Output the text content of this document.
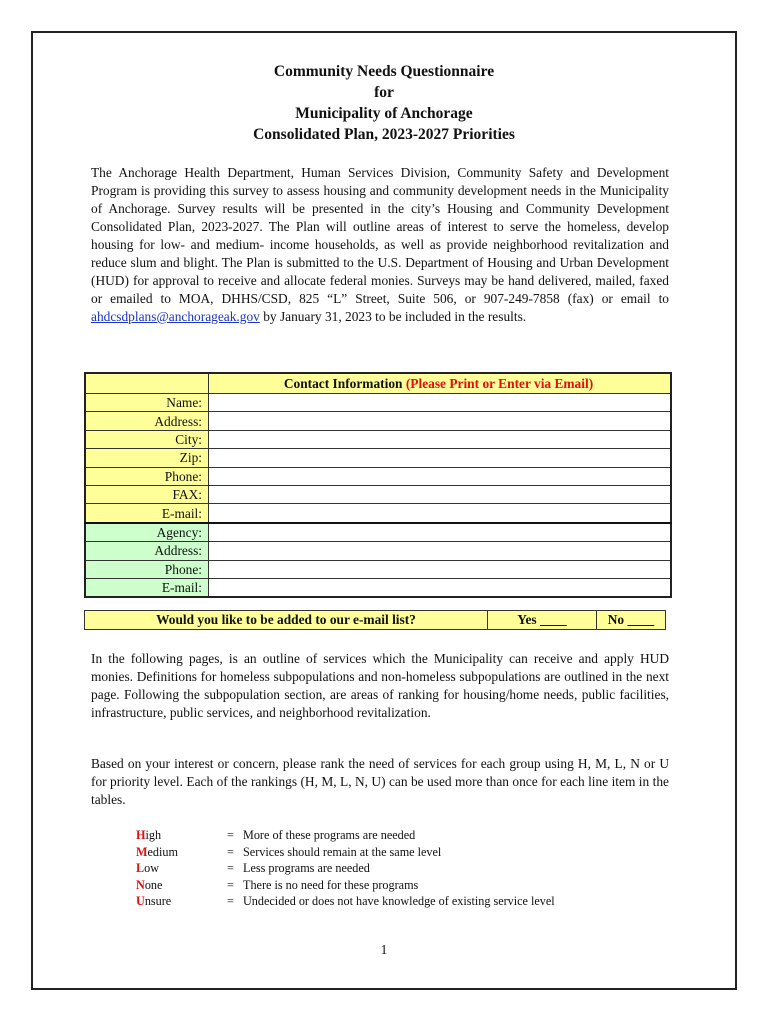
Community Needs Questionnaire
for
Municipality of Anchorage
Consolidated Plan, 2023-2027 Priorities
The Anchorage Health Department, Human Services Division, Community Safety and Development Program is providing this survey to assess housing and community development needs in the Municipality of Anchorage. Survey results will be presented in the city’s Housing and Community Development Consolidated Plan, 2023-2027. The Plan will outline areas of interest to serve the homeless, develop housing for low- and medium- income households, as well as provide neighborhood revitalization and reduce slum and blight. The Plan is submitted to the U.S. Department of Housing and Urban Development (HUD) for approval to receive and allocate federal monies. Surveys may be hand delivered, mailed, faxed or emailed to MOA, DHHS/CSD, 825 “L” Street, Suite 506, or 907-249-7858 (fax) or email to ahdcsdplans@anchorageak.gov by January 31, 2023 to be included in the results.
	Contact Information (Please Print or Enter via Email)
Name:	
Address:	
City:	
Zip:	
Phone:	
FAX:	
E-mail:	
Agency:	
Address:	
Phone:	
E-mail:	
Would you like to be added to our e-mail list?	Yes ____	No ____
In the following pages, is an outline of services which the Municipality can receive and apply HUD monies. Definitions for homeless subpopulations and non-homeless subpopulations are outlined in the next page. Following the subpopulation section, are areas of ranking for housing/home needs, public facilities, infrastructure, public services, and neighborhood revitalization.
Based on your interest or concern, please rank the need of services for each group using H, M, L, N or U for priority level. Each of the rankings (H, M, L, N, U) can be used more than once for each line item in the tables.
High	= More of these programs are needed
Medium	= Services should remain at the same level
Low	= Less programs are needed
None	= There is no need for these programs
Unsure	= Undecided or does not have knowledge of existing service level
1
